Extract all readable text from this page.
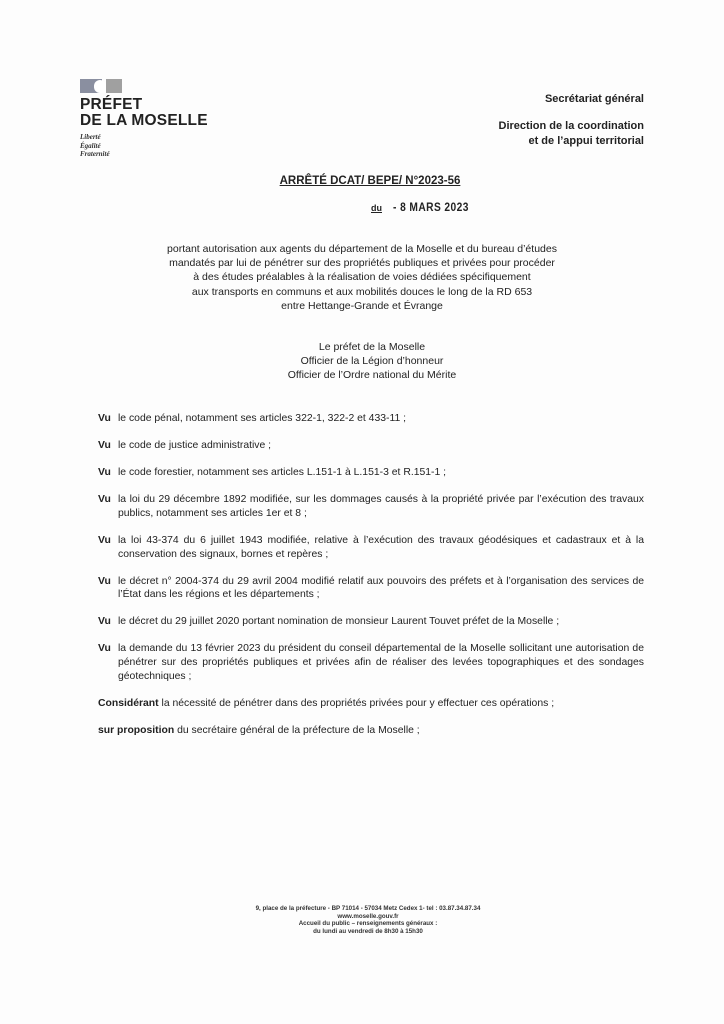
PRÉFET
DE LA MOSELLE
Liberté
Égalité
Fraternité
Secrétariat général
Direction de la coordination
et de l’appui territorial
ARRÊTÉ DCAT/ BEPE/ N°2023-56
du - 8 MARS 2023
portant autorisation aux agents du département de la Moselle et du bureau d’études
mandatés par lui de pénétrer sur des propriétés publiques et privées pour procéder
à des études préalables à la réalisation de voies dédiées spécifiquement
aux transports en communs et aux mobilités douces le long de la RD 653
entre Hettange-Grande et Évrange
Le préfet de la Moselle
Officier de la Légion d’honneur
Officier de l’Ordre national du Mérite
Vu le code pénal, notamment ses articles 322-1, 322-2 et 433-11 ;
Vu le code de justice administrative ;
Vu le code forestier, notamment ses articles L.151-1 à L.151-3 et R.151-1 ;
Vu la loi du 29 décembre 1892 modifiée, sur les dommages causés à la propriété privée par l’exécution des travaux publics, notamment ses articles 1er et 8 ;
Vu la loi 43-374 du 6 juillet 1943 modifiée, relative à l’exécution des travaux géodésiques et cadastraux et à la conservation des signaux, bornes et repères ;
Vu le décret n° 2004-374 du 29 avril 2004 modifié relatif aux pouvoirs des préfets et à l’organisation des services de l’État dans les régions et les départements ;
Vu le décret du 29 juillet 2020 portant nomination de monsieur Laurent Touvet préfet de la Moselle ;
Vu la demande du 13 février 2023 du président du conseil départemental de la Moselle sollicitant une autorisation de pénétrer sur des propriétés publiques et privées afin de réaliser des levées topographiques et des sondages géotechniques ;
Considérant la nécessité de pénétrer dans des propriétés privées pour y effectuer ces opérations ;
sur proposition du secrétaire général de la préfecture de la Moselle ;
9, place de la préfecture - BP 71014 - 57034 Metz Cedex 1- tel : 03.87.34.87.34
www.moselle.gouv.fr
Accueil du public – renseignements généraux :
du lundi au vendredi de 8h30 à 15h30
